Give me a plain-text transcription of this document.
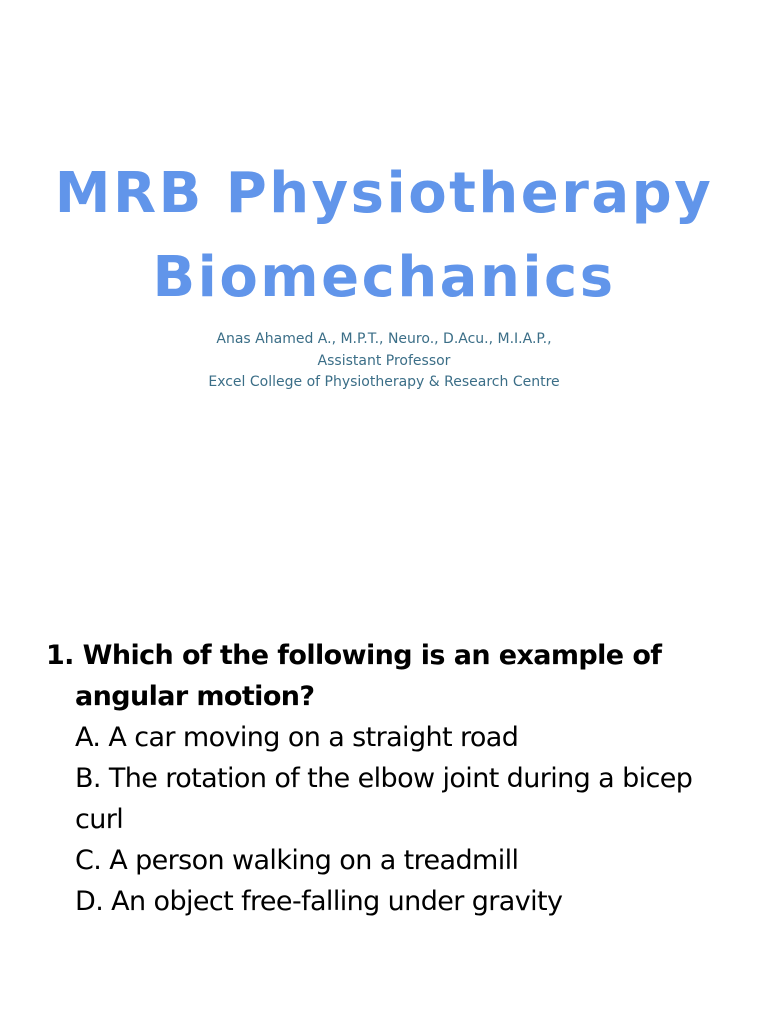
MRB Physiotherapy
Biomechanics
Anas Ahamed A., M.P.T., Neuro., D.Acu., M.I.A.P.,
Assistant Professor
Excel College of Physiotherapy & Research Centre

1. Which of the following is an example of angular motion?

A. A car moving on a straight road
B. The rotation of the elbow joint during a bicep curl
C. A person walking on a treadmill
D. An object free-falling under gravity
